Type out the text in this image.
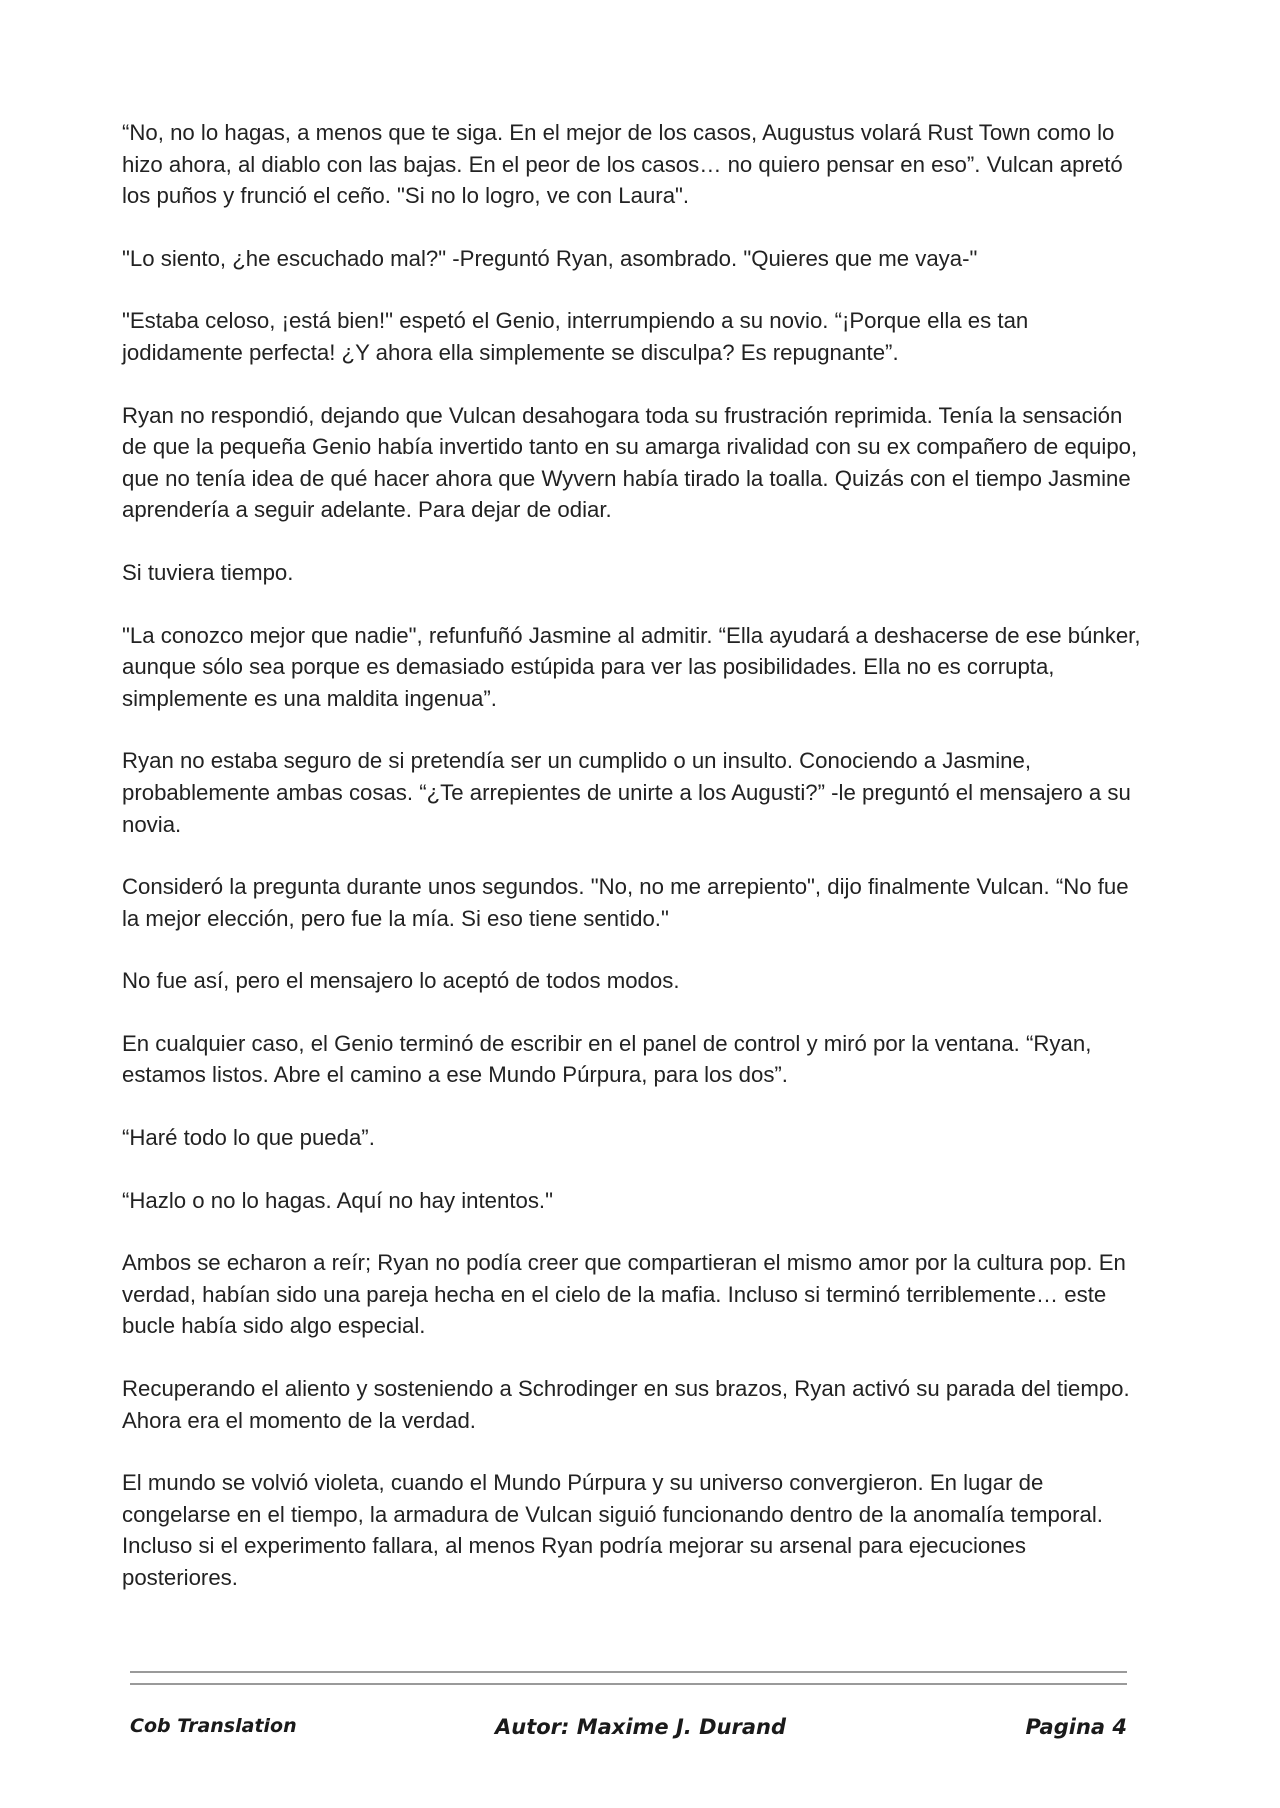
“No, no lo hagas, a menos que te siga. En el mejor de los casos, Augustus volará Rust Town como lo hizo ahora, al diablo con las bajas. En el peor de los casos… no quiero pensar en eso”. Vulcan apretó los puños y frunció el ceño. "Si no lo logro, ve con Laura".

"Lo siento, ¿he escuchado mal?" -Preguntó Ryan, asombrado. "Quieres que me vaya-"

"Estaba celoso, ¡está bien!" espetó el Genio, interrumpiendo a su novio. “¡Porque ella es tan jodidamente perfecta! ¿Y ahora ella simplemente se disculpa? Es repugnante”.

Ryan no respondió, dejando que Vulcan desahogara toda su frustración reprimida. Tenía la sensación de que la pequeña Genio había invertido tanto en su amarga rivalidad con su ex compañero de equipo, que no tenía idea de qué hacer ahora que Wyvern había tirado la toalla. Quizás con el tiempo Jasmine aprendería a seguir adelante. Para dejar de odiar.

Si tuviera tiempo.

"La conozco mejor que nadie", refunfuñó Jasmine al admitir. “Ella ayudará a deshacerse de ese búnker, aunque sólo sea porque es demasiado estúpida para ver las posibilidades. Ella no es corrupta, simplemente es una maldita ingenua”.

Ryan no estaba seguro de si pretendía ser un cumplido o un insulto. Conociendo a Jasmine, probablemente ambas cosas. “¿Te arrepientes de unirte a los Augusti?” -le preguntó el mensajero a su novia.

Consideró la pregunta durante unos segundos. "No, no me arrepiento", dijo finalmente Vulcan. “No fue la mejor elección, pero fue la mía. Si eso tiene sentido."

No fue así, pero el mensajero lo aceptó de todos modos.

En cualquier caso, el Genio terminó de escribir en el panel de control y miró por la ventana. “Ryan, estamos listos. Abre el camino a ese Mundo Púrpura, para los dos”.

“Haré todo lo que pueda”.

“Hazlo o no lo hagas. Aquí no hay intentos."

Ambos se echaron a reír; Ryan no podía creer que compartieran el mismo amor por la cultura pop. En verdad, habían sido una pareja hecha en el cielo de la mafia. Incluso si terminó terriblemente… este bucle había sido algo especial.

Recuperando el aliento y sosteniendo a Schrodinger en sus brazos, Ryan activó su parada del tiempo. Ahora era el momento de la verdad.

El mundo se volvió violeta, cuando el Mundo Púrpura y su universo convergieron. En lugar de congelarse en el tiempo, la armadura de Vulcan siguió funcionando dentro de la anomalía temporal. Incluso si el experimento fallara, al menos Ryan podría mejorar su arsenal para ejecuciones posteriores.

Cob Translation	Autor: Maxime J. Durand	Pagina 4
